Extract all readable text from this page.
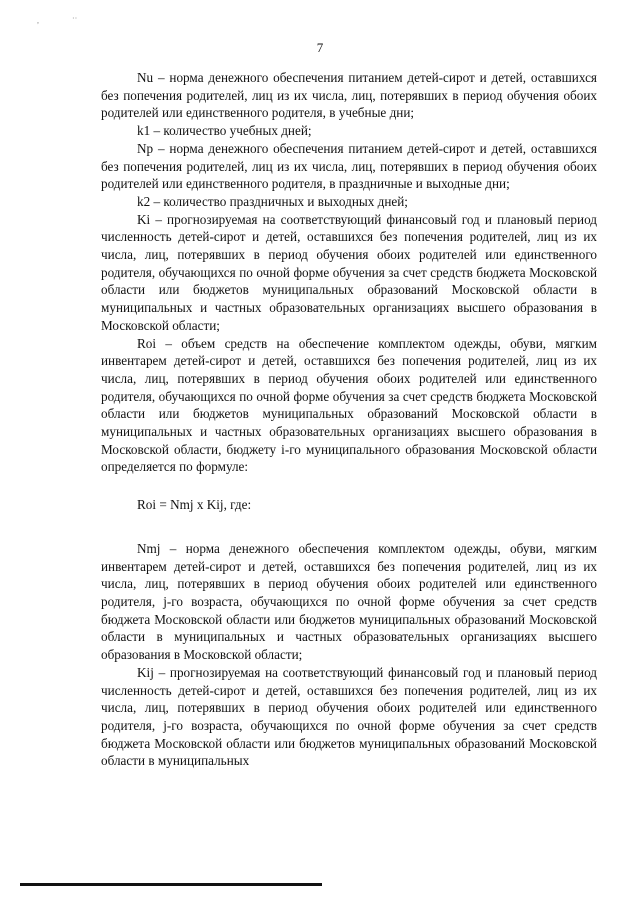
,	··
7

Nu – норма денежного обеспечения питанием детей-сирот и детей, оставшихся без попечения родителей, лиц из их числа, лиц, потерявших в период обучения обоих родителей или единственного родителя, в учебные дни;

k1 – количество учебных дней;

Np – норма денежного обеспечения питанием детей-сирот и детей, оставшихся без попечения родителей, лиц из их числа, лиц, потерявших в период обучения обоих родителей или единственного родителя, в праздничные и выходные дни;

k2 – количество праздничных и выходных дней;

Ki – прогнозируемая на соответствующий финансовый год и плановый период численность детей-сирот и детей, оставшихся без попечения родителей, лиц из их числа, лиц, потерявших в период обучения обоих родителей или единственного родителя, обучающихся по очной форме обучения за счет средств бюджета Московской области или бюджетов муниципальных образований Московской области в муниципальных и частных образовательных организациях высшего образования в Московской области;

Roi – объем средств на обеспечение комплектом одежды, обуви, мягким инвентарем детей-сирот и детей, оставшихся без попечения родителей, лиц из их числа, лиц, потерявших в период обучения обоих родителей или единственного родителя, обучающихся по очной форме обучения за счет средств бюджета Московской области или бюджетов муниципальных образований Московской области в муниципальных и частных образовательных организациях высшего образования в Московской области, бюджету i-го муниципального образования Московской области определяется по формуле:

Roi = Nmj x Kij, где:

Nmj – норма денежного обеспечения комплектом одежды, обуви, мягким инвентарем детей-сирот и детей, оставшихся без попечения родителей, лиц из их числа, лиц, потерявших в период обучения обоих родителей или единственного родителя, j-го возраста, обучающихся по очной форме обучения за счет средств бюджета Московской области или бюджетов муниципальных образований Московской области в муниципальных и частных образовательных организациях высшего образования в Московской области;

Kij – прогнозируемая на соответствующий финансовый год и плановый период численность детей-сирот и детей, оставшихся без попечения родителей, лиц из их числа, лиц, потерявших в период обучения обоих родителей или единственного родителя, j-го возраста, обучающихся по очной форме обучения за счет средств бюджета Московской области или бюджетов муниципальных образований Московской области в муниципальных
